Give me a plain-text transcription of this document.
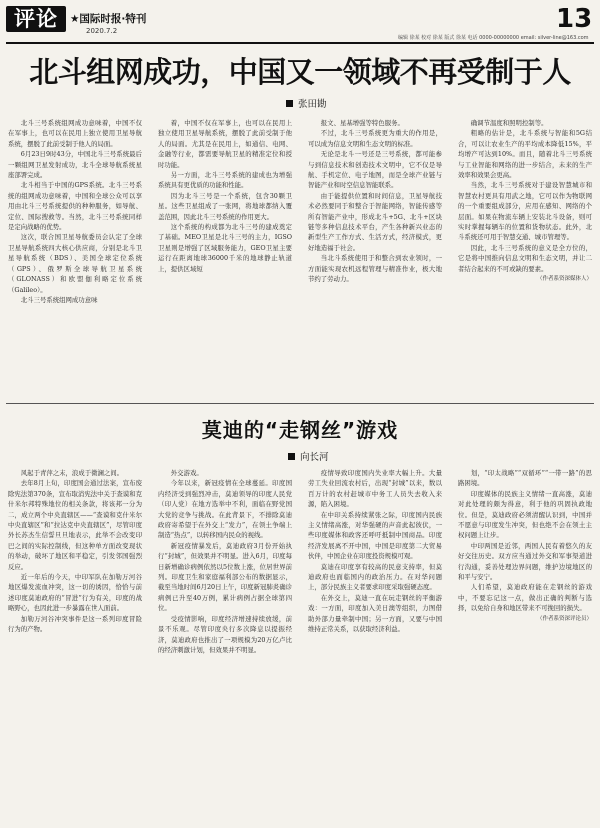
评论	★国际时报·特刊
2020.7.2	13
编辑 徐某 校对 徐某 版式 徐某 电话 0000-00000000 email: silver-line@163.com
北斗组网成功，中国又一领域不再受制于人
张田勘

北斗三号系统组网成功意味着，中国不仅在军事上，也可以在民用上独立使用卫星导航系统，摆脱了此前受制于他人的局面。

6月23日9时43分，中国北斗三号系统最后一颗组网卫星发射成功，北斗全球导航系统星座部署完成。

北斗相当于中国的GPS系统。北斗三号系统的组网成功意味着，中国和全球公众可以享用由北斗三号系统提供的种种服务，如导航、定位、国际搜救等。当然，北斗三号系统同样是定向战略的优势。

这次，联合国卫星导航委员会认定了全球卫星导航系统四大核心供应商，分别是北斗卫星导航系统（BDS）、美国全球定位系统（GPS）、俄罗斯全球导航卫星系统（GLONASS）和欧盟伽利略定位系统（Galileo）。

北斗三号系统组网成功意味

着，中国不仅在军事上，也可以在民用上独立使用卫星导航系统，摆脱了此前受制于他人的局面。尤其是在民用上，如通信、电网、金融等行业，都需要导航卫星的精准定位和授时功能。

另一方面，北斗三号系统的建成也为增强系统具有更优质的功能和性能。

因为北斗三号是一个系统，包含30颗卫星。这些卫星组成了一张网，将地球都纳入覆盖范围，因此北斗三号系统的作用更大。

这个系统的构成都为北斗三号的建成奠定了基础。MEO卫星是北斗三号的主力，IGSO卫星则是增强了区域服务能力，GEO卫星主要运行在距离地球36000千米的地球静止轨道上，提供区域短

报文、星基增强等特色服务。

不过，北斗三号系统更为重大的作用是，可以成为信息文明和生态文明的标准。

无论是北斗一号还是三号系统，都可能参与到信息技术和创造技术文明中，它不仅是导航、手机定位、电子地图，而是全球产业链与智能产业和时空信息智能联系。

由于能提供位置和时间信息，卫星导航技术必然要同于和整合于智能网络，智能传感等所有智能产业中，形成北斗+5G、北斗+区块链等多种信息技术平台，产生各种新兴业态的新型生产工作方式、生活方式，经济模式，更好地造福于社会。

当北斗系统使用于和整合到农业领时，一方面能实现农机远程管理与精准作业，极大地节约了劳动力。

确调节温度和照明控制等。

粗略的估计是，北斗系统与智能和5G结合，可以让农业生产的平均成本降低15%，平均增产可达到10%。而且，随着北斗三号系统与工业智能和网络的进一步结合，未来的生产效率和效果会更高。

当然，北斗三号系统对于建设智慧城市和智慧农村更具有用武之地，它可以作为物联网的一个重要组成部分，应用在感知、网络的个层面。如果在物流车辆上安装北斗设备，则可实时掌握每辆车的位置和货物状态。此外，北斗系统还可用于智慧交通、城市管理等。

因此，北斗三号系统的意义是全方位的，它是将中国推向信息文明和生态文明，并让二者结合起来的不可或缺的要素。

（作者系资深媒体人）
莫迪的“走钢丝”游戏
向长河

风起于青萍之末，浪成于微澜之间。

去年8月上旬，印度国会通过法案，宣布废除宪法第370条，宣布取消宪法中关于查谟和克什米尔邦特殊地位的相关条款，将该邦一分为二，成立两个中央直辖区——“查谟和克什米尔中央直辖区”和“拉达克中央直辖区”，尽管印度外长苏杰生信誓旦旦地表示，此举不会改变印巴之间的实际控制线，但这种单方面改变现状的举动，破坏了地区和平稳定，引发邻国强烈反应。

近一年后的今天，中印军队在加勒万河谷地区爆发流血冲突，这一切的诱因，恰恰与前述印度莫迪政府的“冒进”行为有关，印度的战略野心，也因此进一步暴露在世人面前。

加勒万河谷冲突事件是这一系列印度冒险行为的产物。

外交游戏。

今年以来，新冠疫情在全球蔓延。印度国内经济受到强烈冲击，莫迪领导的印度人民党（印人党）在地方选举中不利，面临在野党国大党的竞争与挑战。在此背景下，不排除莫迪政府寄希望于在外交上“发力”，在领土争端上制造“热点”，以转移国内民众的视线。

新冠疫情暴发后，莫迪政府3月份开始执行“封城”，但效果并不明显。进入6月，印度每日新增确诊病例依然以5位数上涨，位居世界前列。印度卫生和家庭福利部公布的数据显示，截至当地时间6月20日上午，印度新冠肺炎确诊病例已升至40万例，累计病例占据全球第四位。

受疫情影响，印度经济增速持续放缓，前景不乐观。尽管印度央行多次降息以提振经济，莫迪政府也推出了一项规模为20万亿卢比的经济刺激计划，但效果并不明显。

疫情导致印度国内失业率大幅上升。大量劳工失业回流农村后，出现“封城”以来，数以百万计的农村赶城市中务工人员失去收入来源，陷入困境。

在中印关系持续紧张之际，印度国内民族主义情绪高涨，对华强硬的声音此起彼伏，一些印度媒体和政客还呼吁抵制中国商品。印度经济发展离不开中国，中国是印度第二大贸易伙伴，中国企业在印度投资规模可观。

莫迪在印度享有较高的民意支持率，但莫迪政府也面临国内的政治压力。在对华问题上，部分民族主义者要求印度采取强硬态度。

在外交上，莫迪一直在玩走钢丝的平衡游戏：一方面，印度加入美日澳等组织，力图借助外部力量牵制中国；另一方面，又要与中国维持正常关系，以获取经济利益。

划，“印太战略”“双循环”“一带一路”的思路困境。

印度媒体的民族主义情绪一直高涨，莫迪对此处理的颇为得意，利于他的巩固执政地位。但是，莫迪政府必须清醒认识到，中国并不愿意与印度发生冲突，但也绝不会在领土主权问题上让步。

中印两国是近邻，两国人民有着悠久的友好交往历史。双方应当通过外交和军事渠道进行沟通，妥善处理边界问题，维护边境地区的和平与安宁。

人们希望，莫迪政府能在走钢丝的游戏中，不要忘记这一点，做出正确的判断与选择，以免给自身和地区带来不可挽回的损失。

（作者系资深评论员）
